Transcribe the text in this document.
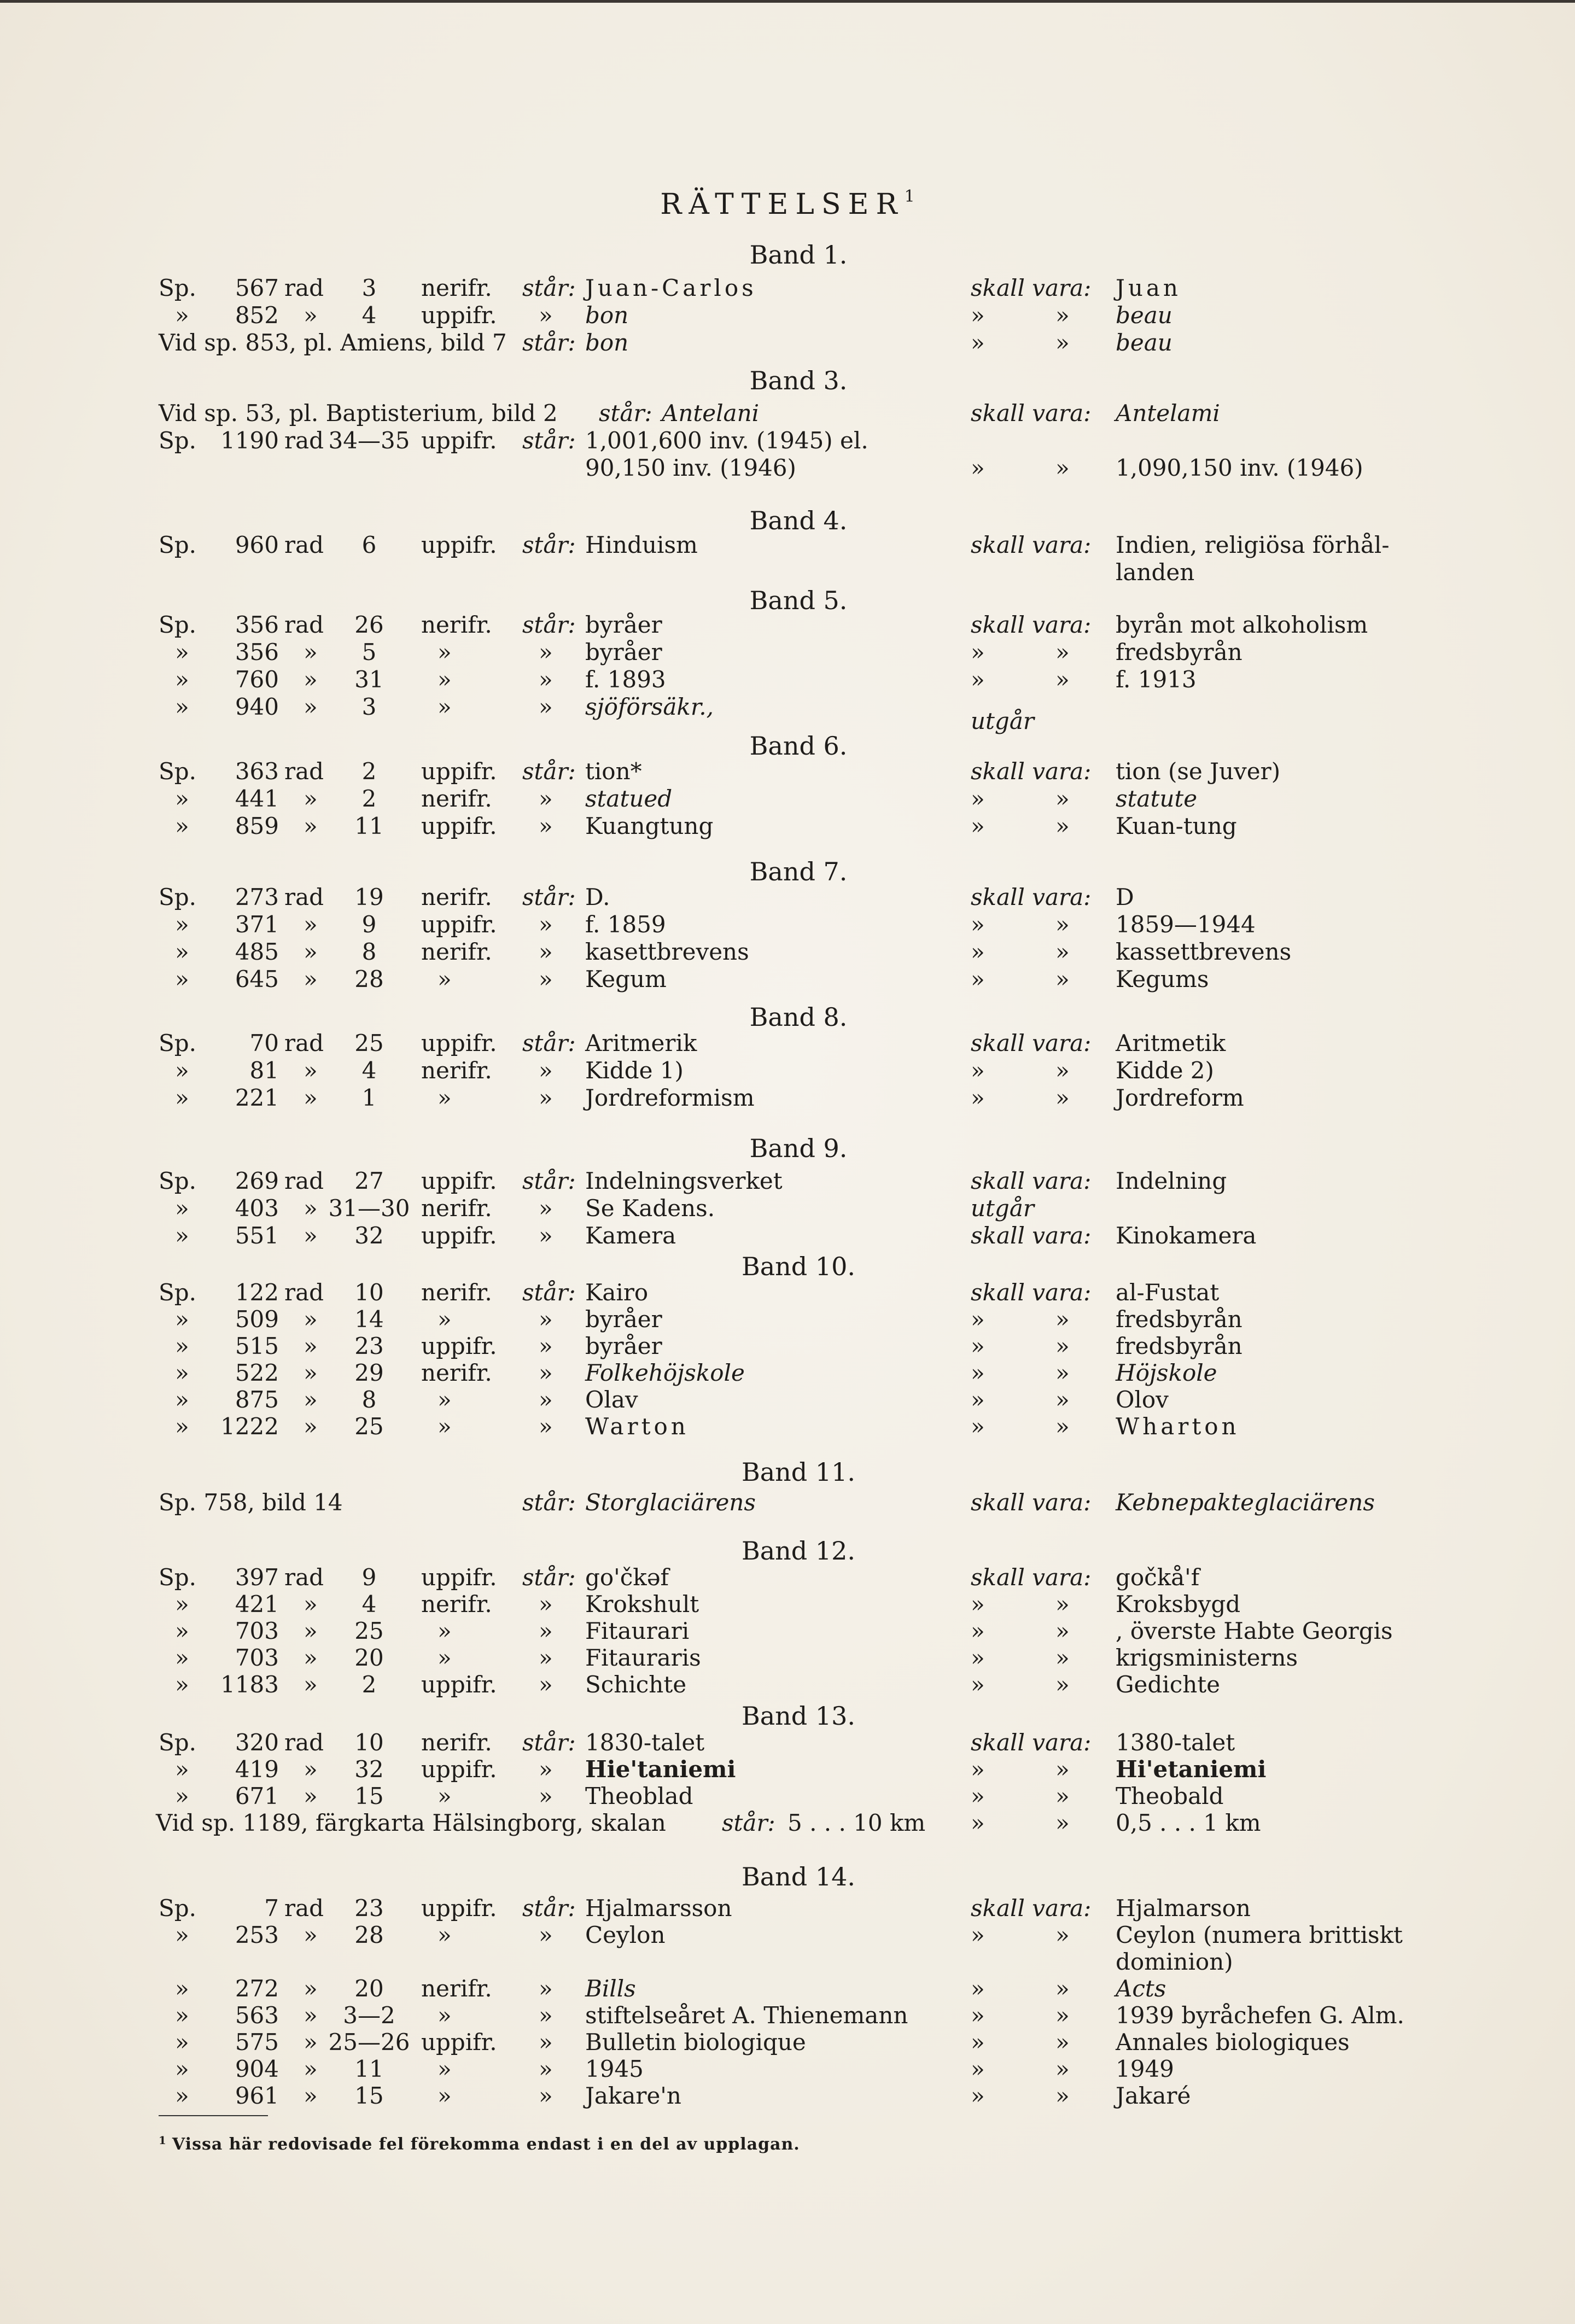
RÄTTELSER$^1$
Band 1.
Band 3.
Band 4.
Band 5.
Band 6.
Band 7.
Band 8.
Band 9.
Band 10.
Band 11.
Band 12.
Band 13.
Band 14.
Sp.	567 rad	3	nerifr. står: Juan-Carlos	skall vara: Juan
»	852 »	4	uppifr. » bon	»	» beau
Vid sp. 853, pl. Amiens, bild 7 står: bon	»	» beau
Vid sp. 53, pl. Baptisterium, bild 2 står: Antelani	skall vara: Antelami
Sp. 1190 rad 34—35 uppifr. står: 1,001,600 inv. (1945) el.
90,150 inv. (1946)	»	» 1,090,150 inv. (1946)
Sp.	960 rad	6	uppifr. står: Hinduism	skall vara: Indien, religiösa förhål-
landen
Sp.	356 rad	26	nerifr. står: byråer	skall vara: byrån mot alkoholism
»	356 »	5	»	» byråer	»	» fredsbyrån
»	760 »	31	»	» f. 1893	»	» f. 1913
»	940 »	3	»	» sjöförsäkr.,
utgår
Sp.	363 rad	2	uppifr. står: tion*	skall vara: tion (se Juver)
»	441 »	2	nerifr. » statued	»	» statute
»	859 »	11	uppifr. » Kuangtung	»	» Kuan-tung
Sp.	273 rad	19	nerifr. står: D.	skall vara: D
»	371 »	9	uppifr. » f. 1859	»	» 1859—1944
»	485 »	8	nerifr. » kasettbrevens	»	» kassettbrevens
»	645 »	28	»	» Kegum	»	» Kegums
Sp.	70 rad	25	uppifr. står: Aritmerik	skall vara: Aritmetik
»	81 »	4	nerifr. » Kidde 1)	»	» Kidde 2)
»	221 »	1	»	» Jordreformism	»	» Jordreform
Sp.	269 rad	27	uppifr. står: Indelningsverket	skall vara: Indelning
»	403 » 31—30 nerifr. » Se Kadens.	utgår
»	551 »	32	uppifr. » Kamera	skall vara: Kinokamera
Sp.	122 rad	10	nerifr. står: Kairo	skall vara: al-Fustat
»	509 »	14	»	» byråer	»	» fredsbyrån
»	515 »	23	uppifr. » byråer	»	» fredsbyrån
»	522 »	29	nerifr. » Folkehöjskole	»	» Höjskole
»	875 »	8	»	» Olav	»	» Olov
» 1222 »	25	»	» Warton	»	» Wharton
Sp. 758, bild 14	står: Storglaciärens	skall vara: Kebnepakteglaciärens
Sp.	397 rad	9	uppifr. står: go'čkǝf	skall vara: gočkå'f
»	421 »	4	nerifr. » Krokshult	»	» Kroksbygd
»	703 »	25	»	» Fitaurari	»	» , överste Habte Georgis
»	703 »	20	»	» Fitauraris	»	» krigsministerns
» 1183 »	2	uppifr. » Schichte	»	» Gedichte
Sp.	320 rad	10	nerifr. står: 1830-talet	skall vara: 1380-talet
»	419 »	32	uppifr. » Hie'taniemi	»	» Hi'etaniemi
»	671 »	15	»	» Theoblad	»	» Theobald
Vid sp. 1189, färgkarta Hälsingborg, skalan står: 5 . . . 10 km »	» 0,5 . . . 1 km
Sp.	7 rad	23	uppifr. står: Hjalmarsson	skall vara: Hjalmarson
»	253 »	28	»	» Ceylon	»	» Ceylon (numera brittiskt
dominion)
»	272 »	20	nerifr. » Bills	»	» Acts
»	563 »	3—2	»	» stiftelseåret A. Thienemann	»	» 1939 byråchefen G. Alm.
»	575 » 25—26 uppifr. » Bulletin biologique	»	» Annales biologiques
»	904 »	11	»	» 1945	»	» 1949
»	961 »	15	»	» Jakare'n	»	» Jakaré
$^1$ Vissa här redovisade fel förekomma endast i en del av upplagan.
